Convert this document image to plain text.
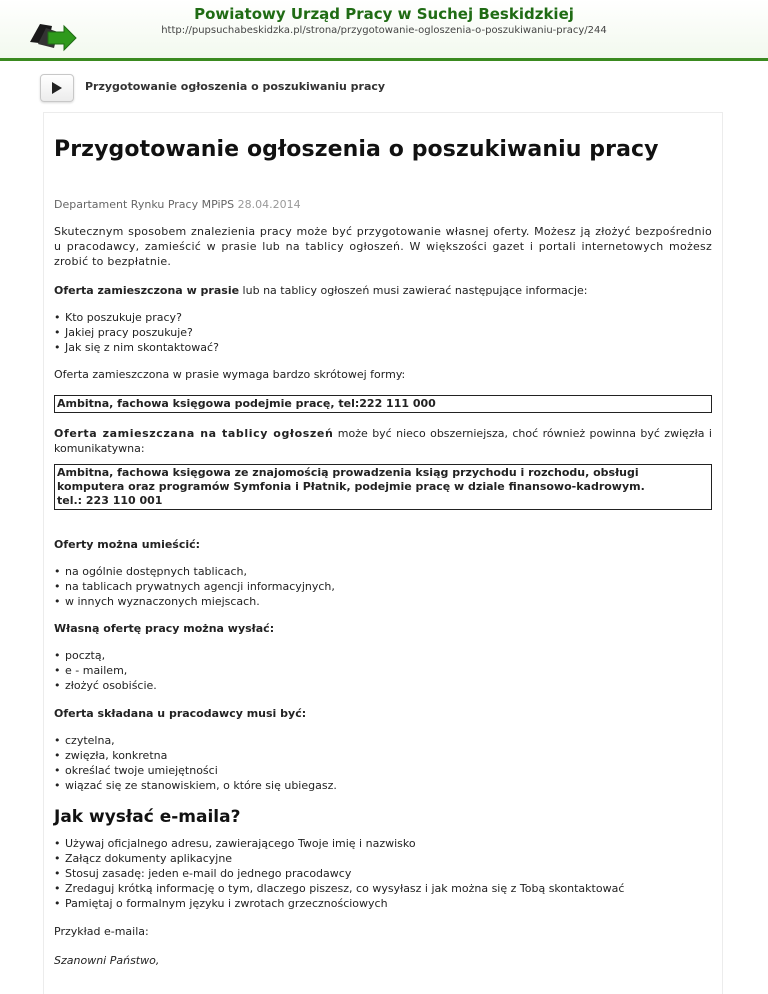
Powiatowy Urząd Pracy w Suchej Beskidzkiej
http://pupsuchabeskidzka.pl/strona/przygotowanie-ogloszenia-o-poszukiwaniu-pracy/244
Przygotowanie ogłoszenia o poszukiwaniu pracy
Przygotowanie ogłoszenia o poszukiwaniu pracy
Departament Rynku Pracy MPiPS 28.04.2014

Skutecznym sposobem znalezienia pracy może być przygotowanie własnej oferty. Możesz ją złożyć bezpośrednio u pracodawcy, zamieścić w prasie lub na tablicy ogłoszeń. W większości gazet i portali internetowych możesz zrobić to bezpłatnie.

Oferta zamieszczona w prasie lub na tablicy ogłoszeń musi zawierać następujące informacje:

• Kto poszukuje pracy?
• Jakiej pracy poszukuje?
• Jak się z nim skontaktować?

Oferta zamieszczona w prasie wymaga bardzo skrótowej formy:

Ambitna, fachowa księgowa podejmie pracę, tel:222 111 000

Oferta zamieszczana na tablicy ogłoszeń może być nieco obszerniejsza, choć również powinna być zwięzła i komunikatywna:

Ambitna, fachowa księgowa ze znajomością prowadzenia ksiąg przychodu i rozchodu, obsługi komputera oraz programów Symfonia i Płatnik, podejmie pracę w dziale finansowo-kadrowym.
tel.: 223 110 001

Oferty można umieścić:

• na ogólnie dostępnych tablicach,
• na tablicach prywatnych agencji informacyjnych,
• w innych wyznaczonych miejscach.

Własną ofertę pracy można wysłać:

• pocztą,
• e - mailem,
• złożyć osobiście.

Oferta składana u pracodawcy musi być:

• czytelna,
• zwięzła, konkretna
• określać twoje umiejętności
• wiązać się ze stanowiskiem, o które się ubiegasz.
Jak wysłać e-maila?
• Używaj oficjalnego adresu, zawierającego Twoje imię i nazwisko
• Załącz dokumenty aplikacyjne
• Stosuj zasadę: jeden e-mail do jednego pracodawcy
• Zredaguj krótką informację o tym, dlaczego piszesz, co wysyłasz i jak można się z Tobą skontaktować
• Pamiętaj o formalnym języku i zwrotach grzecznościowych

Przykład e-maila:

Szanowni Państwo,
